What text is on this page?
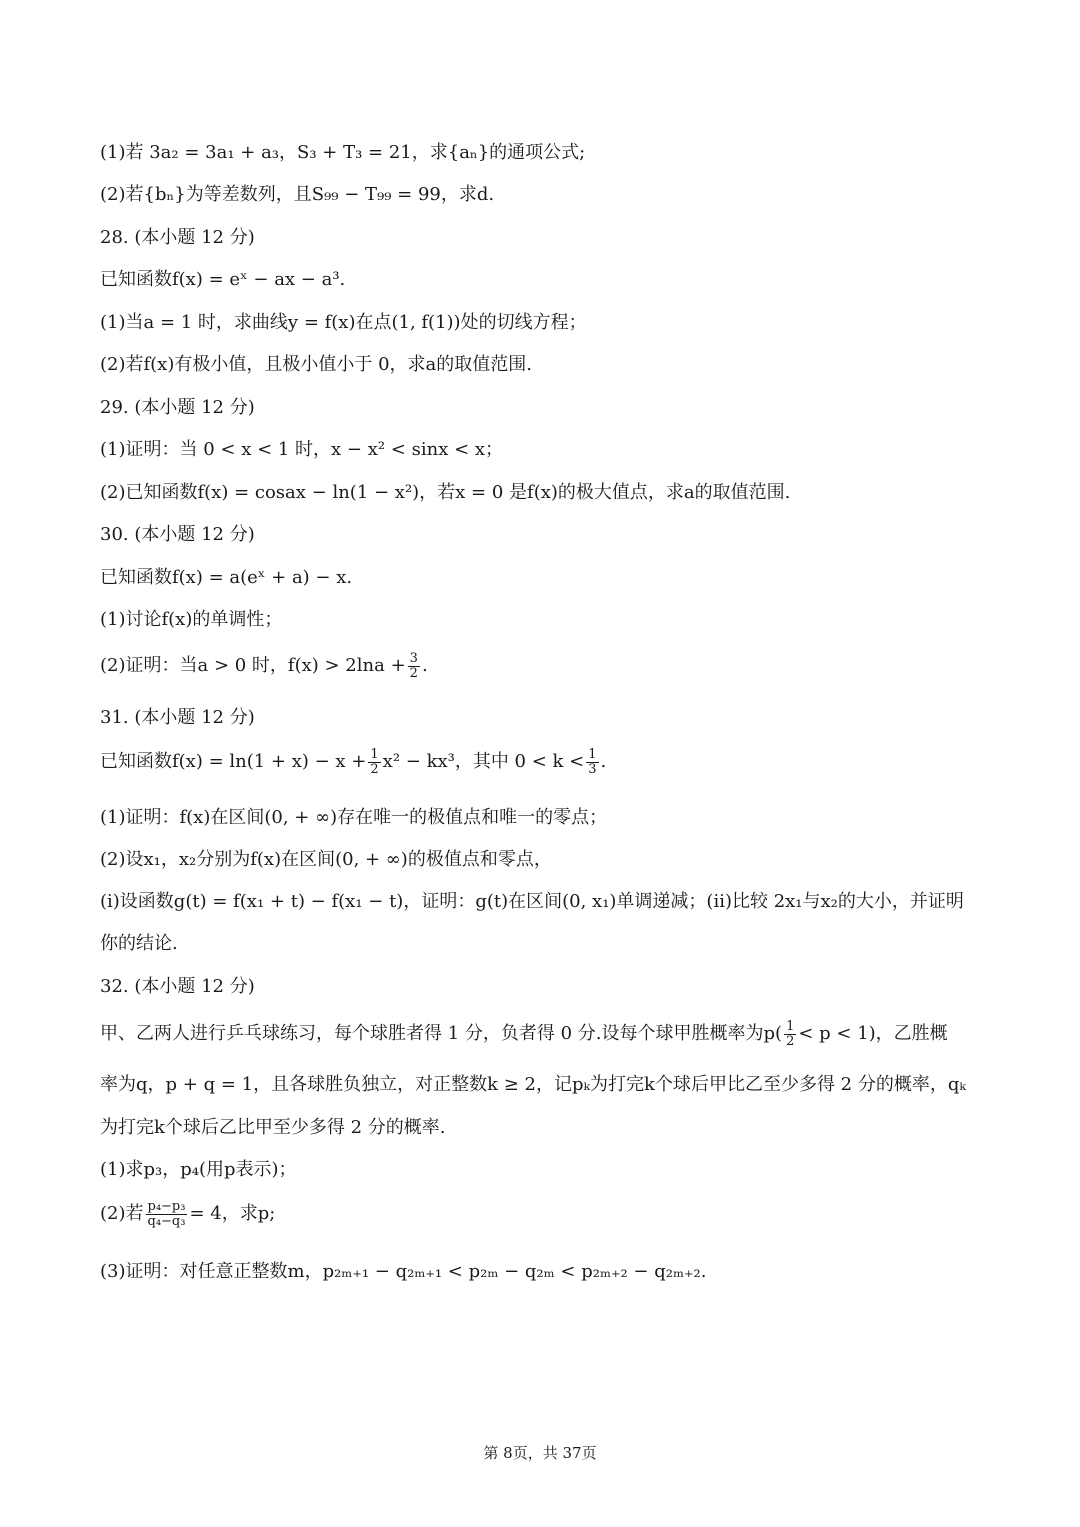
(1)若 3a₂ = 3a₁ + a₃，S₃ + T₃ = 21，求{aₙ}的通项公式;
(2)若{bₙ}为等差数列，且S₉₉ − T₉₉ = 99，求d.
28. (本小题 12 分)
已知函数f(x) = eˣ − ax − a³.
(1)当a = 1 时，求曲线y = f(x)在点(1, f(1))处的切线方程；
(2)若f(x)有极小值，且极小值小于 0，求a的取值范围.
29. (本小题 12 分)
(1)证明：当 0 < x < 1 时，x − x² < sinx < x；
(2)已知函数f(x) = cosax − ln(1 − x²)，若x = 0 是f(x)的极大值点，求a的取值范围.
30. (本小题 12 分)
已知函数f(x) = a(eˣ + a) − x.
(1)讨论f(x)的单调性；
(2)证明：当a > 0 时，$f(x) > 2\ln a + \frac{3}{2}$ .
31. (本小题 12 分)
已知函数$f(x) = \ln(1 + x) - x + \frac{1}{2} x^2 - kx^3$，其中 $0 < k < \frac{1}{3}$ .
(1)证明：f(x)在区间(0, + ∞)存在唯一的极值点和唯一的零点；
(2)设x₁，x₂分别为f(x)在区间(0, + ∞)的极值点和零点，
(i)设函数g(t) = f(x₁ + t) − f(x₁ − t)，证明：g(t)在区间(0, x₁)单调递减；(ii)比较 2x₁与x₂的大小，并证明
你的结论.
32. (本小题 12 分)
甲、乙两人进行乒乓球练习，每个球胜者得 1 分，负者得 0 分.设每个球甲胜概率为$p( \frac{1}{2} < p < 1)$，乙胜概
率为q，p + q = 1，且各球胜负独立，对正整数k ≥ 2，记pₖ为打完k个球后甲比乙至少多得 2 分的概率，qₖ
为打完k个球后乙比甲至少多得 2 分的概率.
(1)求p₃，p₄(用p表示)；
(2)若 $\frac{\text{p₄−p₃}}{\text{q₄−q₃}} = 4$，求p;
(3)证明：对任意正整数m，p₂ₘ₊₁ − q₂ₘ₊₁ < p₂ₘ − q₂ₘ < p₂ₘ₊₂ − q₂ₘ₊₂.
第 8页，共 37页
